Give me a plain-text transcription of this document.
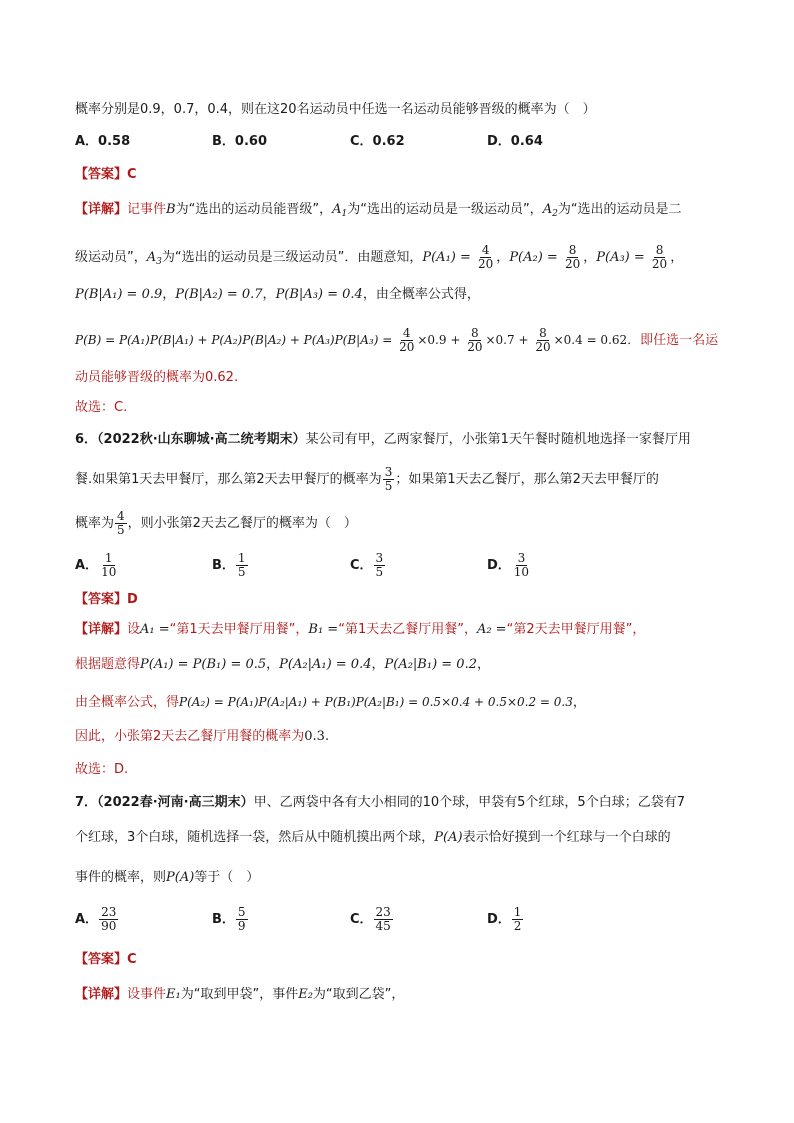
概率分别是0.9，0.7，0.4，则在这20名运动员中任选一名运动员能够晋级的概率为（　）
A．0.58	B．0.60	C．0.62	D．0.64
【答案】C
【详解】记事件B为“选出的运动员能晋级”，$A_1$为“选出的运动员是一级运动员”，$A_2$为“选出的运动员是二
级运动员”，$A_3$为“选出的运动员是三级运动员”．由题意知，$P(A_1) = \frac{4}{20}$ ，$P(A_2) = \frac{8}{20}$ ，$P(A_3) = \frac{8}{20}$ ，
P(B|A₁) = 0.9，P(B|A₂) = 0.7，P(B|A₃) = 0.4，由全概率公式得，
$P(B) = P(A_1)P(B|A_1) + P(A_2)P(B|A_2) + P(A_3)P(B|A_3) = \frac{4}{20} \times 0.9 + \frac{8}{20} \times 0.7 + \frac{8}{20} \times 0.4 = 0.62$．即任选一名运
动员能够晋级的概率为0.62.
故选：C.
6．（2022秋·山东聊城·高二统考期末）某公司有甲，乙两家餐厅，小张第1天午餐时随机地选择一家餐厅用
餐.如果第1天去甲餐厅，那么第2天去甲餐厅的概率为 $\frac{3}{5}$ ；如果第1天去乙餐厅，那么第2天去甲餐厅的
概率为 $\frac{4}{5}$ ，则小张第2天去乙餐厅的概率为（　）
A． $\frac{1}{10}$	B． $\frac{1}{5}$	C． $\frac{3}{5}$	D． $\frac{3}{10}$
【答案】D
【详解】设A₁ =“第1天去甲餐厅用餐”，B₁ =“第1天去乙餐厅用餐”，A₂ =“第2天去甲餐厅用餐”，
根据题意得P(A₁) = P(B₁) = 0.5，P(A₂|A₁) = 0.4，P(A₂|B₁) = 0.2，
由全概率公式，得P(A₂) = P(A₁)P(A₂|A₁) + P(B₁)P(A₂|B₁) = 0.5×0.4 + 0.5×0.2 = 0.3，
因此，小张第2天去乙餐厅用餐的概率为0.3.
故选：D.
7．（2022春·河南·高三期末）甲、乙两袋中各有大小相同的10个球，甲袋有5个红球，5个白球；乙袋有7
个红球，3个白球，随机选择一袋，然后从中随机摸出两个球，P(A)表示恰好摸到一个红球与一个白球的
事件的概率，则P(A)等于（　）
A． $\frac{23}{90}$	B． $\frac{5}{9}$	C． $\frac{23}{45}$	D． $\frac{1}{2}$
【答案】C
【详解】设事件E₁为“取到甲袋”，事件E₂为“取到乙袋”，
